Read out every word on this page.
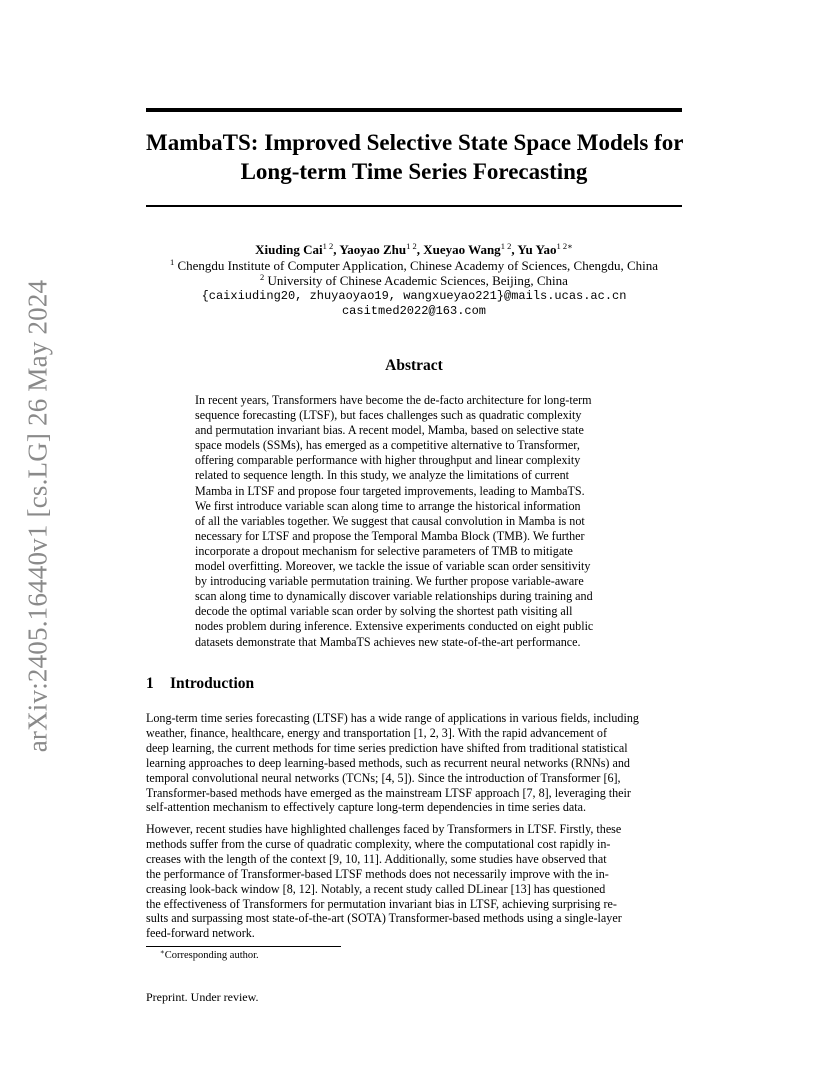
arXiv:2405.16440v1 [cs.LG] 26 May 2024
MambaTS: Improved Selective State Space Models for
Long-term Time Series Forecasting
Xiuding Cai$^{1 2}$, Yaoyao Zhu$^{1 2}$, Xueyao Wang$^{1 2}$, Yu Yao$^{1 2∗}$
$^1$ Chengdu Institute of Computer Application, Chinese Academy of Sciences, Chengdu, China
$^2$ University of Chinese Academic Sciences, Beijing, China
{caixiuding20, zhuyaoyao19, wangxueyao221}@mails.ucas.ac.cn
casitmed2022@163.com
Abstract
In recent years, Transformers have become the de-facto architecture for long-term
sequence forecasting (LTSF), but faces challenges such as quadratic complexity
and permutation invariant bias. A recent model, Mamba, based on selective state
space models (SSMs), has emerged as a competitive alternative to Transformer,
offering comparable performance with higher throughput and linear complexity
related to sequence length. In this study, we analyze the limitations of current
Mamba in LTSF and propose four targeted improvements, leading to MambaTS.
We first introduce variable scan along time to arrange the historical information
of all the variables together. We suggest that causal convolution in Mamba is not
necessary for LTSF and propose the Temporal Mamba Block (TMB). We further
incorporate a dropout mechanism for selective parameters of TMB to mitigate
model overfitting. Moreover, we tackle the issue of variable scan order sensitivity
by introducing variable permutation training. We further propose variable-aware
scan along time to dynamically discover variable relationships during training and
decode the optimal variable scan order by solving the shortest path visiting all
nodes problem during inference. Extensive experiments conducted on eight public
datasets demonstrate that MambaTS achieves new state-of-the-art performance.
1 Introduction
Long-term time series forecasting (LTSF) has a wide range of applications in various fields, including
weather, finance, healthcare, energy and transportation [1, 2, 3]. With the rapid advancement of
deep learning, the current methods for time series prediction have shifted from traditional statistical
learning approaches to deep learning-based methods, such as recurrent neural networks (RNNs) and
temporal convolutional neural networks (TCNs; [4, 5]). Since the introduction of Transformer [6],
Transformer-based methods have emerged as the mainstream LTSF approach [7, 8], leveraging their
self-attention mechanism to effectively capture long-term dependencies in time series data.
However, recent studies have highlighted challenges faced by Transformers in LTSF. Firstly, these
methods suffer from the curse of quadratic complexity, where the computational cost rapidly in-
creases with the length of the context [9, 10, 11]. Additionally, some studies have observed that
the performance of Transformer-based LTSF methods does not necessarily improve with the in-
creasing look-back window [8, 12]. Notably, a recent study called DLinear [13] has questioned
the effectiveness of Transformers for permutation invariant bias in LTSF, achieving surprising re-
sults and surpassing most state-of-the-art (SOTA) Transformer-based methods using a single-layer
feed-forward network.
∗Corresponding author.
Preprint. Under review.
